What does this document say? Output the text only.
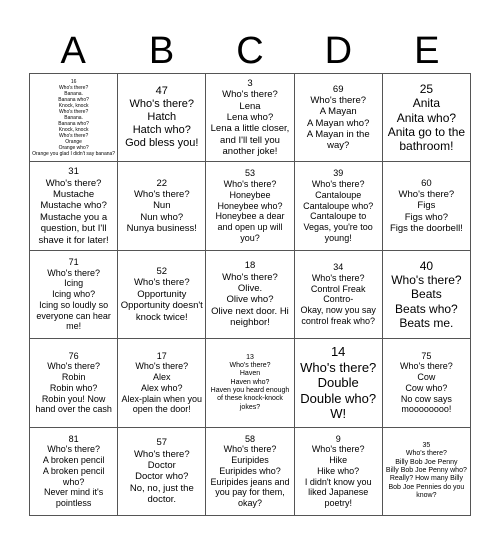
A	B	C	D	E
16
Who's there?
Banana.
Banana who?
Knock, knock
Who's there?
Banana.
Banana who?
Knock, knock
Who's there?
Orange
Orange who?
Orange you glad I didn't say banana?
47
Who's there?
Hatch
Hatch who?
God bless you!
3
Who's there?
Lena
Lena who?
Lena a little closer, and I'll tell you another joke!
69
Who's there?
A Mayan
A Mayan who?
A Mayan in the way?
25
Anita
Anita who?
Anita go to the bathroom!
31
Who's there?
Mustache
Mustache who?
Mustache you a question, but I'll shave it for later!
22
Who's there?
Nun
Nun who?
Nunya business!
53
Who's there?
Honeybee
Honeybee who?
Honeybee a dear and open up will you?
39
Who's there?
Cantaloupe
Cantaloupe who?
Cantaloupe to Vegas, you're too young!
60
Who's there?
Figs
Figs who?
Figs the doorbell!
71
Who's there?
Icing
Icing who?
Icing so loudly so everyone can hear me!
52
Who's there?
Opportunity
Opportunity doesn't knock twice!
18
Who's there?
Olive.
Olive who?
Olive next door. Hi neighbor!
34
Who's there?
Control Freak
Contro-
Okay, now you say control freak who?
40
Who's there?
Beats
Beats who?
Beats me.
76
Who's there?
Robin
Robin who?
Robin you! Now hand over the cash
17
Who's there?
Alex
Alex who?
Alex-plain when you open the door!
13
Who's there?
Haven
Haven who?
Haven you heard enough of these knock-knock jokes?
14
Who's there?
Double
Double who?
W!
75
Who's there?
Cow
Cow who?
No cow says moooooooo!
81
Who's there?
A broken pencil
A broken pencil who?
Never mind it's pointless
57
Who's there?
Doctor
Doctor who?
No, no, just the doctor.
58
Who's there?
Euripides
Euripides who?
Euripides jeans and you pay for them, okay?
9
Who's there?
Hike
Hike who?
I didn't know you liked Japanese poetry!
35
Who's there?
Billy Bob Joe Penny
Billy Bob Joe Penny who?
Really? How many Billy Bob Joe Pennies do you know?
